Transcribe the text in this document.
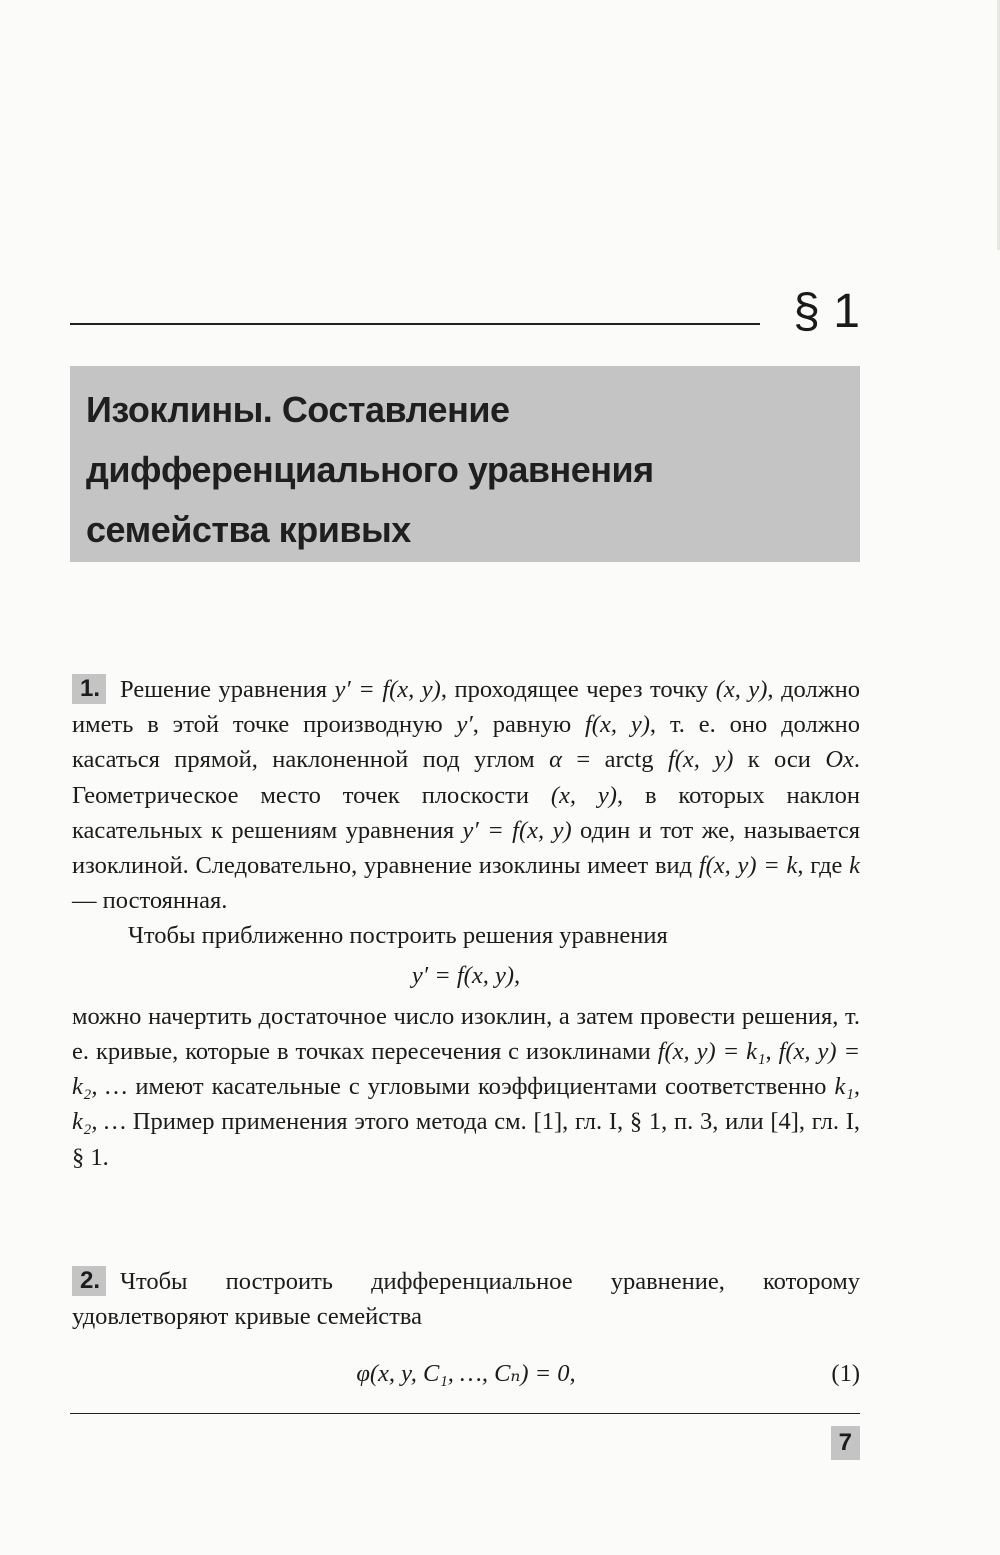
§ 1
Изоклины. Составление
дифференциального уравнения
семейства кривых

1. Решение уравнения y′ = f(x, y), проходящее через точку (x, y), должно иметь в этой точке производную y′, равную f(x, y), т. е. оно должно касаться прямой, наклоненной под углом α = arctg f(x, y) к оси Ox. Геометрическое место точек плоскости (x, y), в которых наклон касательных к решениям уравнения y′ = f(x, y) один и тот же, называется изоклиной. Следовательно, уравнение изоклины имеет вид f(x, y) = k, где k — постоянная.

Чтобы приближенно построить решения уравнения

y′ = f(x, y),

можно начертить достаточное число изоклин, а затем провести решения, т. е. кривые, которые в точках пересечения с изоклинами f(x, y) = k₁, f(x, y) = k₂, … имеют касательные с угловыми коэффициентами соответственно k₁, k₂, … Пример применения этого метода см. [1], гл. I, § 1, п. 3, или [4], гл. I, § 1.

2. Чтобы построить дифференциальное уравнение, которому удовлетворяют кривые семейства

φ(x, y, C₁, …, Cₙ) = 0,	(1)
7
